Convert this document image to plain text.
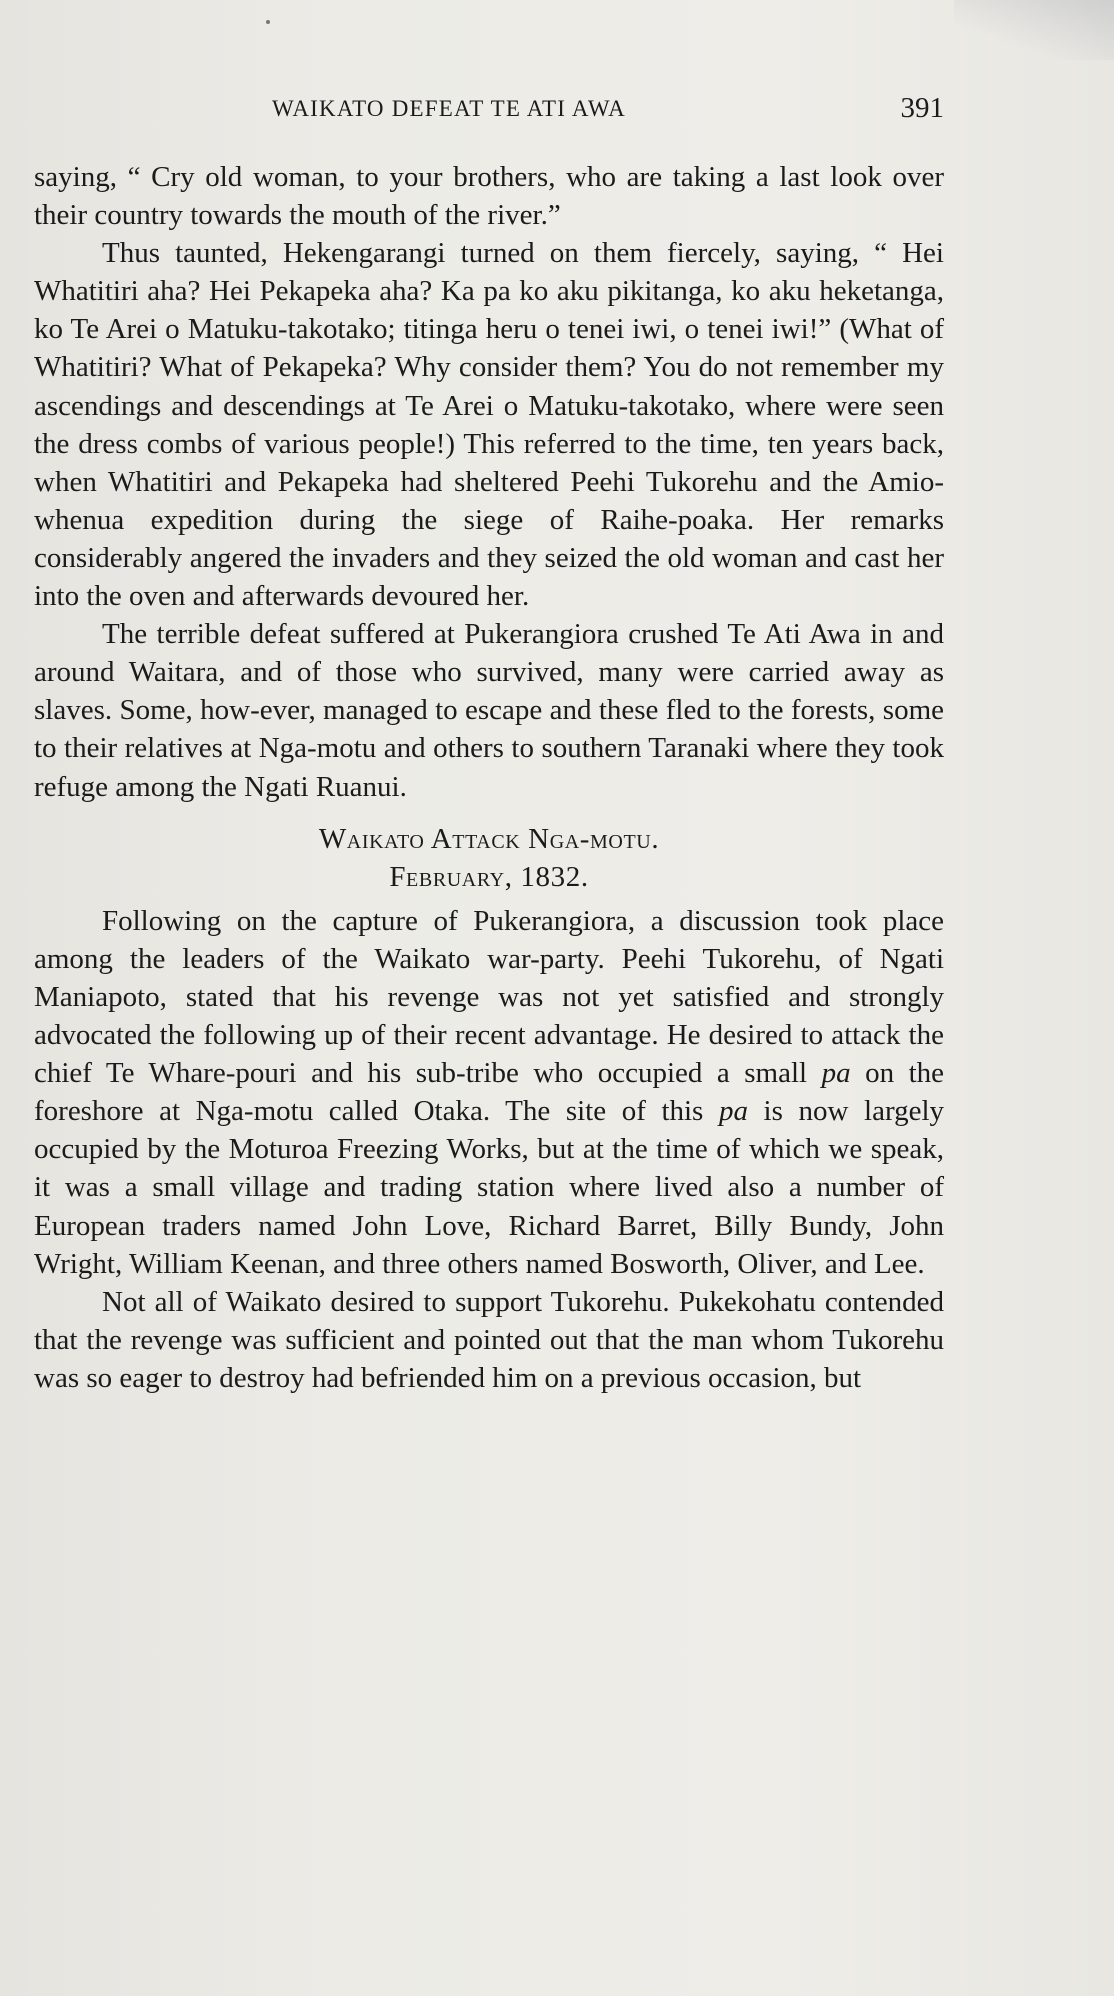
WAIKATO DEFEAT TE ATI AWA	391

saying, “ Cry old woman, to your brothers, who are taking a last look over their country towards the mouth of the river.”

Thus taunted, Hekengarangi turned on them fiercely, saying, “ Hei Whatitiri aha? Hei Pekapeka aha? Ka pa ko aku pikitanga, ko aku heketanga, ko Te Arei o Matuku-takotako; titinga heru o tenei iwi, o tenei iwi!” (What of Whatitiri? What of Pekapeka? Why consider them? You do not remember my ascendings and descendings at Te Arei o Matuku-takotako, where were seen the dress combs of various people!) This referred to the time, ten years back, when Whatitiri and Pekapeka had sheltered Peehi Tukorehu and the Amio-whenua expedition during the siege of Raihe-poaka. Her remarks considerably angered the invaders and they seized the old woman and cast her into the oven and afterwards devoured her.

The terrible defeat suffered at Pukerangiora crushed Te Ati Awa in and around Waitara, and of those who survived, many were carried away as slaves. Some, how-ever, managed to escape and these fled to the forests, some to their relatives at Nga-motu and others to southern Taranaki where they took refuge among the Ngati Ruanui.

Waikato Attack Nga-motu.

February, 1832.

Following on the capture of Pukerangiora, a discussion took place among the leaders of the Waikato war-party. Peehi Tukorehu, of Ngati Maniapoto, stated that his revenge was not yet satisfied and strongly advocated the following up of their recent advantage. He desired to attack the chief Te Whare-pouri and his sub-tribe who occupied a small pa on the foreshore at Nga-motu called Otaka. The site of this pa is now largely occupied by the Moturoa Freezing Works, but at the time of which we speak, it was a small village and trading station where lived also a number of European traders named John Love, Richard Barret, Billy Bundy, John Wright, William Keenan, and three others named Bosworth, Oliver, and Lee.

Not all of Waikato desired to support Tukorehu. Pukekohatu contended that the revenge was sufficient and pointed out that the man whom Tukorehu was so eager to destroy had befriended him on a previous occasion, but
